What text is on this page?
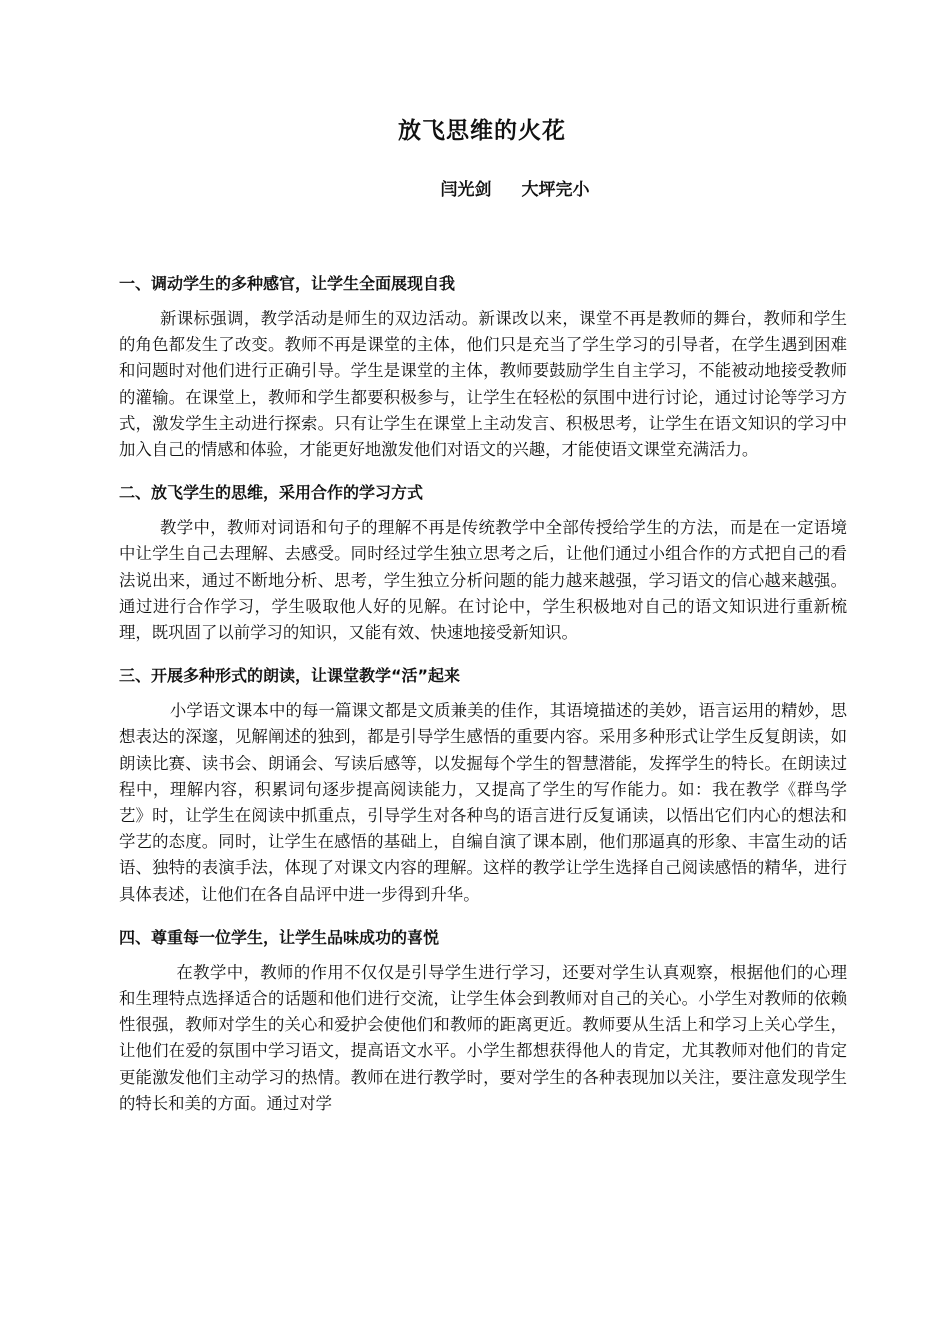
放飞思维的火花

闫光剑 大坪完小

一、调动学生的多种感官，让学生全面展现自我

新课标强调，教学活动是师生的双边活动。新课改以来，课堂不再是教师的舞台，教师和学生的角色都发生了改变。教师不再是课堂的主体，他们只是充当了学生学习的引导者，在学生遇到困难和问题时对他们进行正确引导。学生是课堂的主体，教师要鼓励学生自主学习，不能被动地接受教师的灌输。在课堂上，教师和学生都要积极参与，让学生在轻松的氛围中进行讨论，通过讨论等学习方式，激发学生主动进行探索。只有让学生在课堂上主动发言、积极思考，让学生在语文知识的学习中加入自己的情感和体验，才能更好地激发他们对语文的兴趣，才能使语文课堂充满活力。

二、放飞学生的思维，采用合作的学习方式

教学中，教师对词语和句子的理解不再是传统教学中全部传授给学生的方法，而是在一定语境中让学生自己去理解、去感受。同时经过学生独立思考之后，让他们通过小组合作的方式把自己的看法说出来，通过不断地分析、思考，学生独立分析问题的能力越来越强，学习语文的信心越来越强。通过进行合作学习，学生吸取他人好的见解。在讨论中，学生积极地对自己的语文知识进行重新梳理，既巩固了以前学习的知识，又能有效、快速地接受新知识。

三、开展多种形式的朗读，让课堂教学“活”起来

小学语文课本中的每一篇课文都是文质兼美的佳作，其语境描述的美妙，语言运用的精妙，思想表达的深邃，见解阐述的独到，都是引导学生感悟的重要内容。采用多种形式让学生反复朗读，如朗读比赛、读书会、朗诵会、写读后感等，以发掘每个学生的智慧潜能，发挥学生的特长。在朗读过程中，理解内容，积累词句逐步提高阅读能力，又提高了学生的写作能力。如：我在教学《群鸟学艺》时，让学生在阅读中抓重点，引导学生对各种鸟的语言进行反复诵读，以悟出它们内心的想法和学艺的态度。同时，让学生在感悟的基础上，自编自演了课本剧，他们那逼真的形象、丰富生动的话语、独特的表演手法，体现了对课文内容的理解。这样的教学让学生选择自己阅读感悟的精华，进行具体表述，让他们在各自品评中进一步得到升华。

四、尊重每一位学生，让学生品味成功的喜悦

在教学中，教师的作用不仅仅是引导学生进行学习，还要对学生认真观察，根据他们的心理和生理特点选择适合的话题和他们进行交流，让学生体会到教师对自己的关心。小学生对教师的依赖性很强，教师对学生的关心和爱护会使他们和教师的距离更近。教师要从生活上和学习上关心学生，让他们在爱的氛围中学习语文，提高语文水平。小学生都想获得他人的肯定，尤其教师对他们的肯定更能激发他们主动学习的热情。教师在进行教学时，要对学生的各种表现加以关注，要注意发现学生的特长和美的方面。通过对学
